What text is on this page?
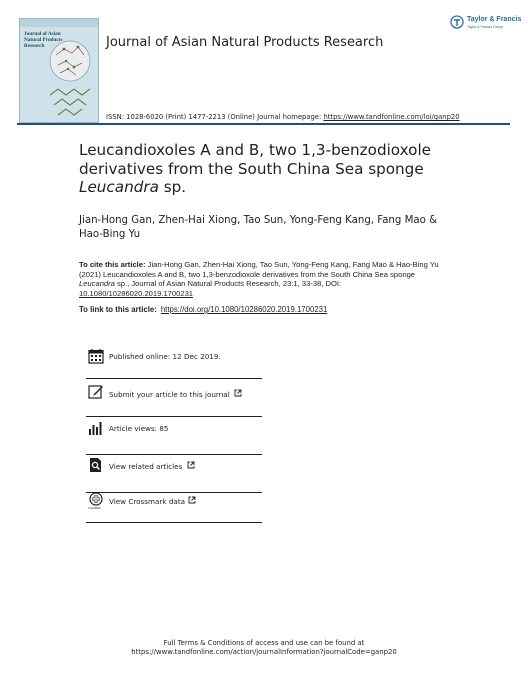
Journal of Asian Natural Products Research	Journal of Asian Natural Products Research
Taylor & Francis
Taylor & Francis Group
ISSN: 1028-6020 (Print) 1477-2213 (Online) Journal homepage: https://www.tandfonline.com/loi/ganp20
Leucandioxoles A and B, two 1,3-benzodioxole derivatives from the South China Sea sponge Leucandra sp.
Jian-Hong Gan, Zhen-Hai Xiong, Tao Sun, Yong-Feng Kang, Fang Mao & Hao-Bing Yu
To cite this article: Jian-Hong Gan, Zhen-Hai Xiong, Tao Sun, Yong-Feng Kang, Fang Mao & Hao-Bing Yu (2021) Leucandioxoles A and B, two 1,3-benzodioxole derivatives from the South China Sea sponge Leucandra sp., Journal of Asian Natural Products Research, 23:1, 33-38, DOI: 10.1080/10286020.2019.1700231
To link to this article: https://doi.org/10.1080/10286020.2019.1700231
Published online: 12 Dec 2019.
Submit your article to this journal
Article views: 85
View related articles
CrossMark
View Crossmark data
Full Terms & Conditions of access and use can be found at
https://www.tandfonline.com/action/journalInformation?journalCode=ganp20
